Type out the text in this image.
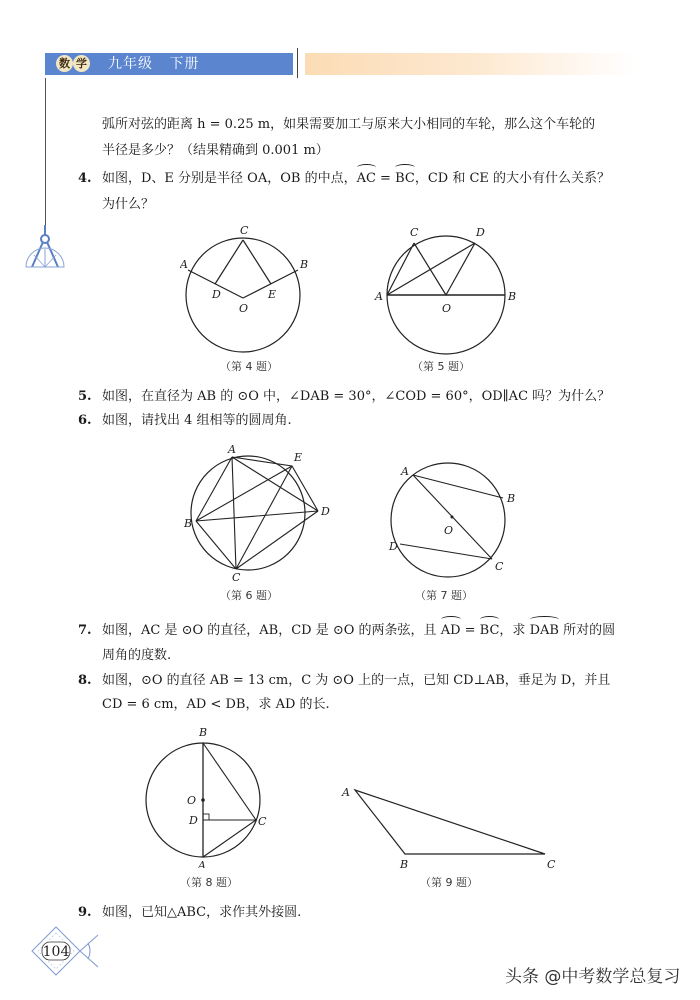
数 学 九年级   下册
弧所对弦的距离 h = 0.25 m，如果需要加工与原来大小相同的车轮，那么这个车轮的
半径是多少？（结果精确到 0.001 m）
4. 如图，D、E 分别是半径 OA，OB 的中点，AC = BC，CD 和 CE 的大小有什么关系？
为什么？
C
A	B
D	E
O
（第 4 题）
C	D
A	B
O
（第 5 题）
5. 如图，在直径为 AB 的 ⊙O 中，∠DAB = 30°，∠COD = 60°，OD∥AC 吗？为什么？
6. 如图，请找出 4 组相等的圆周角.
A
E
D
B
C
（第 6 题）
A
B
O
D
C
（第 7 题）
7. 如图，AC 是 ⊙O 的直径，AB，CD 是 ⊙O 的两条弦，且 AD = BC，求 DAB 所对的圆
周角的度数.
8. 如图，⊙O 的直径 AB = 13 cm，C 为 ⊙O 上的一点，已知 CD⊥AB，垂足为 D，并且
CD = 6 cm，AD < DB，求 AD 的长.
B
O
D	C
A
（第 8 题）
A
B	C
（第 9 题）
9. 如图，已知△ABC，求作其外接圆.
104
头条 @中考数学总复习
